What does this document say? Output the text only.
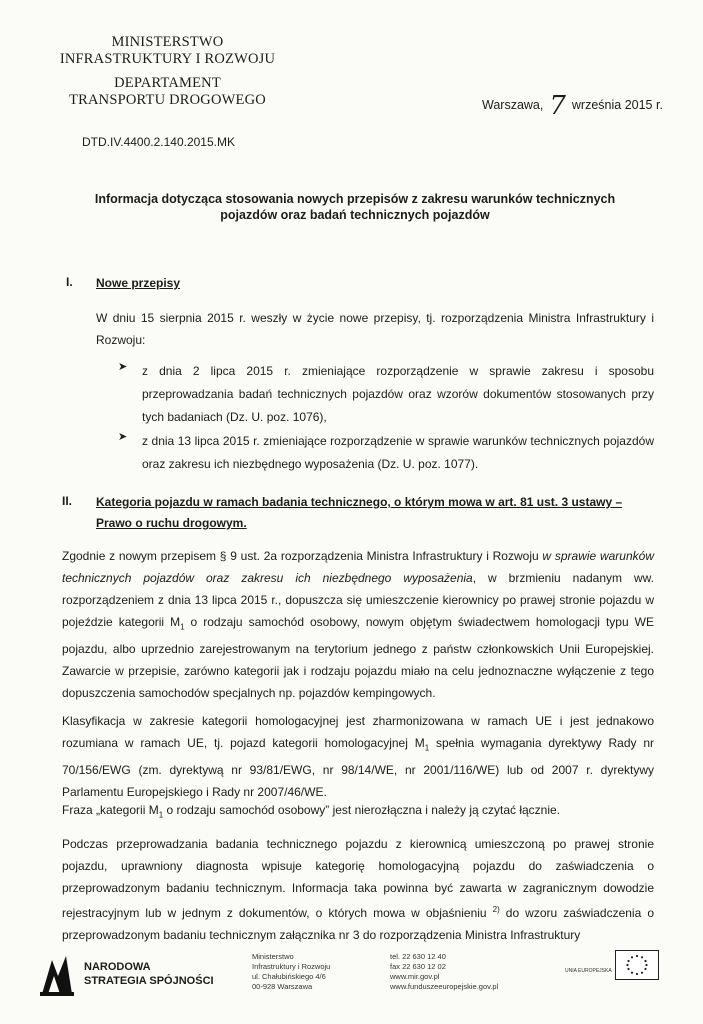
MINISTERSTWO
INFRASTRUKTURY I ROZWOJU
DEPARTAMENT
TRANSPORTU DROGOWEGO	Warszawa, 7 września 2015 r.
DTD.IV.4400.2.140.2015.MK
Informacja dotycząca stosowania nowych przepisów z zakresu warunków technicznych pojazdów oraz badań technicznych pojazdów
I. Nowe przepisy
W dniu 15 sierpnia 2015 r. weszły w życie nowe przepisy, tj. rozporządzenia Ministra Infrastruktury i Rozwoju:
➤	z dnia 2 lipca 2015 r. zmieniające rozporządzenie w sprawie zakresu i sposobu przeprowadzania badań technicznych pojazdów oraz wzorów dokumentów stosowanych przy tych badaniach (Dz. U. poz. 1076),
➤	z dnia 13 lipca 2015 r. zmieniające rozporządzenie w sprawie warunków technicznych pojazdów oraz zakresu ich niezbędnego wyposażenia (Dz. U. poz. 1077).
II. Kategoria pojazdu w ramach badania technicznego, o którym mowa w art. 81 ust. 3 ustawy –
Prawo o ruchu drogowym.
Zgodnie z nowym przepisem § 9 ust. 2a rozporządzenia Ministra Infrastruktury i Rozwoju w sprawie warunków technicznych pojazdów oraz zakresu ich niezbędnego wyposażenia, w brzmieniu nadanym ww. rozporządzeniem z dnia 13 lipca 2015 r., dopuszcza się umieszczenie kierownicy po prawej stronie pojazdu w pojeździe kategorii $M_1$ o rodzaju samochód osobowy, nowym objętym świadectwem homologacji typu WE pojazdu, albo uprzednio zarejestrowanym na terytorium jednego z państw członkowskich Unii Europejskiej. Zawarcie w przepisie, zarówno kategorii jak i rodzaju pojazdu miało na celu jednoznaczne wyłączenie z tego dopuszczenia samochodów specjalnych np. pojazdów kempingowych.
Klasyfikacja w zakresie kategorii homologacyjnej jest zharmonizowana w ramach UE i jest jednakowo rozumiana w ramach UE, tj. pojazd kategorii homologacyjnej $M_1$ spełnia wymagania dyrektywy Rady nr 70/156/EWG (zm. dyrektywą nr 93/81/EWG, nr 98/14/WE, nr 2001/116/WE) lub od 2007 r. dyrektywy Parlamentu Europejskiego i Rady nr 2007/46/WE.
Fraza „kategorii $M_1$ o rodzaju samochód osobowy” jest nierozłączna i należy ją czytać łącznie.
Podczas przeprowadzania badania technicznego pojazdu z kierownicą umieszczoną po prawej stronie pojazdu, uprawniony diagnosta wpisuje kategorię homologacyjną pojazdu do zaświadczenia o przeprowadzonym badaniu technicznym. Informacja taka powinna być zawarta w zagranicznym dowodzie rejestracyjnym lub w jednym z dokumentów, o których mowa w objaśnieniu $^{2)}$ do wzoru zaświadczenia o przeprowadzonym badaniu technicznym załącznika nr 3 do rozporządzenia Ministra Infrastruktury
NARODOWA
STRATEGIA SPÓJNOŚCI
Ministerstwo
Infrastruktury i Rozwoju
ul. Chałubińskiego 4/6
00-928 Warszawa
tel. 22 630 12 40
fax 22 630 12 02
www.mir.gov.pl
www.funduszeeuropejskie.gov.pl
UNIA EUROPEJSKA
